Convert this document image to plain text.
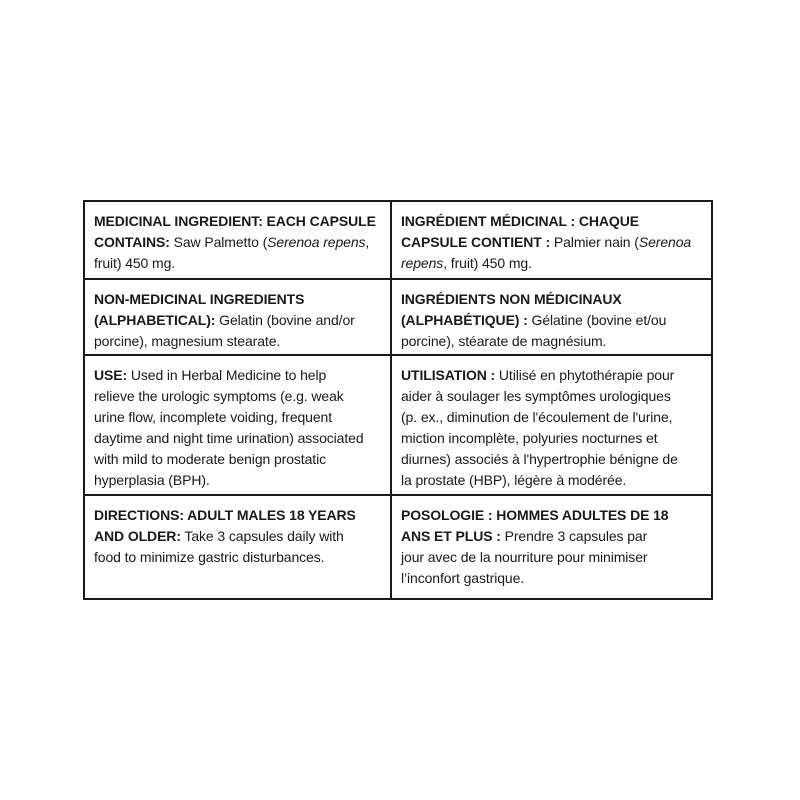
MEDICINAL INGREDIENT: EACH CAPSULE
CONTAINS: Saw Palmetto (Serenoa repens,
fruit) 450 mg.
INGRÉDIENT MÉDICINAL : CHAQUE
CAPSULE CONTIENT : Palmier nain (Serenoa
repens, fruit) 450 mg.
NON-MEDICINAL INGREDIENTS
(ALPHABETICAL): Gelatin (bovine and/or
porcine), magnesium stearate.
INGRÉDIENTS NON MÉDICINAUX
(ALPHABÉTIQUE) : Gélatine (bovine et/ou
porcine), stéarate de magnésium.
USE: Used in Herbal Medicine to help
relieve the urologic symptoms (e.g. weak
urine flow, incomplete voiding, frequent
daytime and night time urination) associated
with mild to moderate benign prostatic
hyperplasia (BPH).
UTILISATION : Utilisé en phytothérapie pour
aider à soulager les symptômes urologiques
(p. ex., diminution de l'écoulement de l'urine,
miction incomplète, polyuries nocturnes et
diurnes) associés à l'hypertrophie bénigne de
la prostate (HBP), légère à modérée.
DIRECTIONS: ADULT MALES 18 YEARS
AND OLDER: Take 3 capsules daily with
food to minimize gastric disturbances.
POSOLOGIE : HOMMES ADULTES DE 18
ANS ET PLUS : Prendre 3 capsules par
jour avec de la nourriture pour minimiser
l’inconfort gastrique.
